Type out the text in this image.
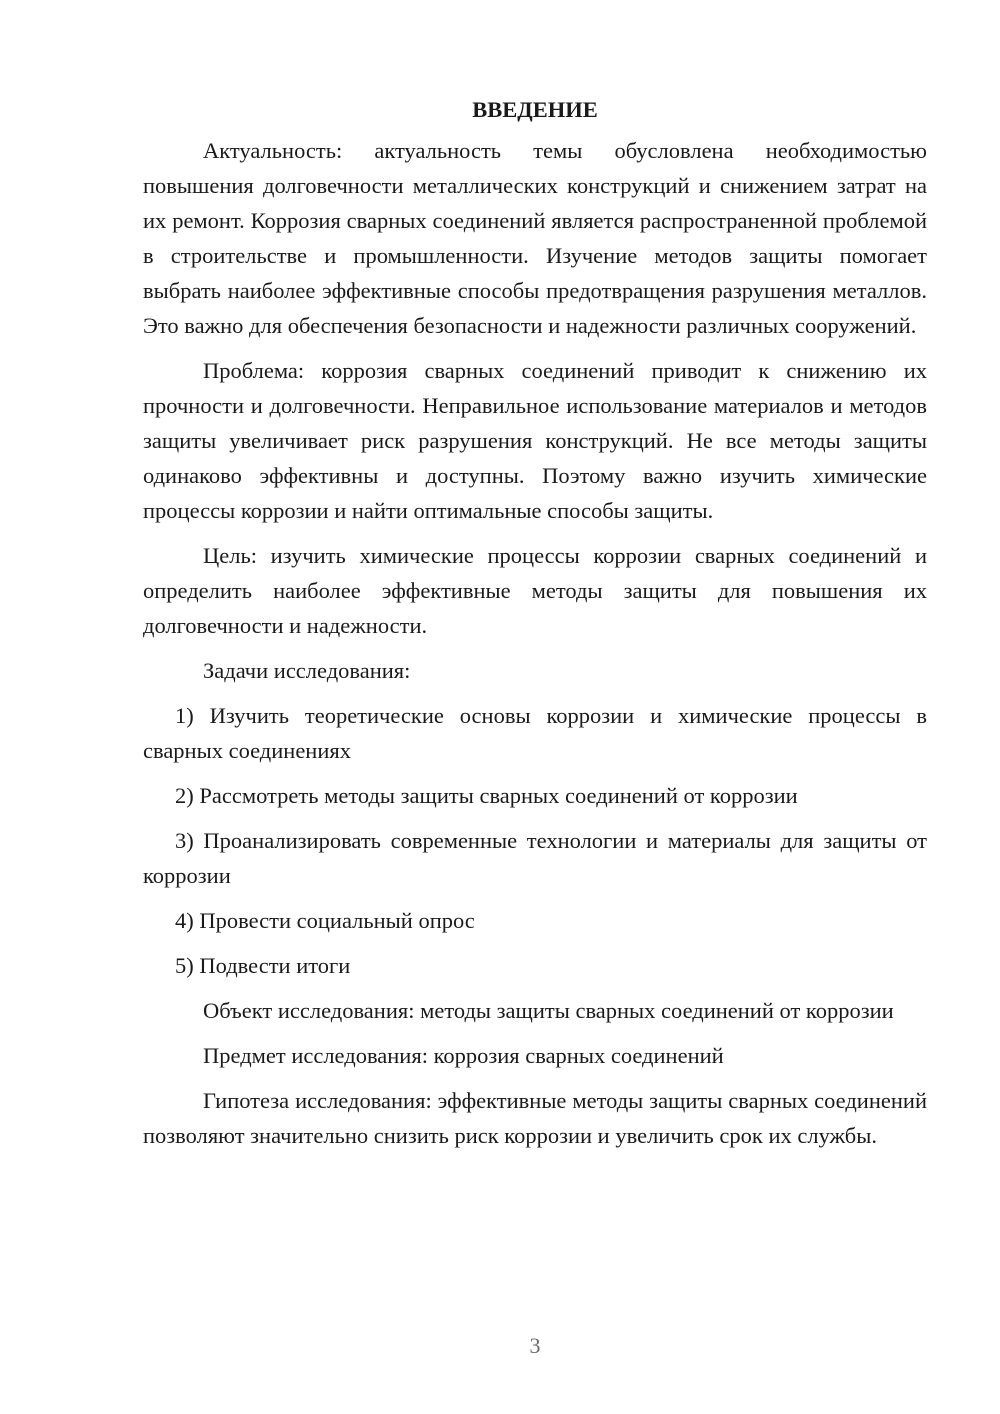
ВВЕДЕНИЕ
Актуальность: актуальность темы обусловлена необходимостью повышения долговечности металлических конструкций и снижением затрат на их ремонт. Коррозия сварных соединений является распространенной проблемой в строительстве и промышленности. Изучение методов защиты помогает выбрать наиболее эффективные способы предотвращения разрушения металлов. Это важно для обеспечения безопасности и надежности различных сооружений.
Проблема: коррозия сварных соединений приводит к снижению их прочности и долговечности. Неправильное использование материалов и методов защиты увеличивает риск разрушения конструкций. Не все методы защиты одинаково эффективны и доступны. Поэтому важно изучить химические процессы коррозии и найти оптимальные способы защиты.
Цель: изучить химические процессы коррозии сварных соединений и определить наиболее эффективные методы защиты для повышения их долговечности и надежности.
Задачи исследования:
1) Изучить теоретические основы коррозии и химические процессы в сварных соединениях
2) Рассмотреть методы защиты сварных соединений от коррозии
3) Проанализировать современные технологии и материалы для защиты от коррозии
4) Провести социальный опрос
5) Подвести итоги
Объект исследования: методы защиты сварных соединений от коррозии
Предмет исследования: коррозия сварных соединений
Гипотеза исследования: эффективные методы защиты сварных соединений позволяют значительно снизить риск коррозии и увеличить срок их службы.
3
